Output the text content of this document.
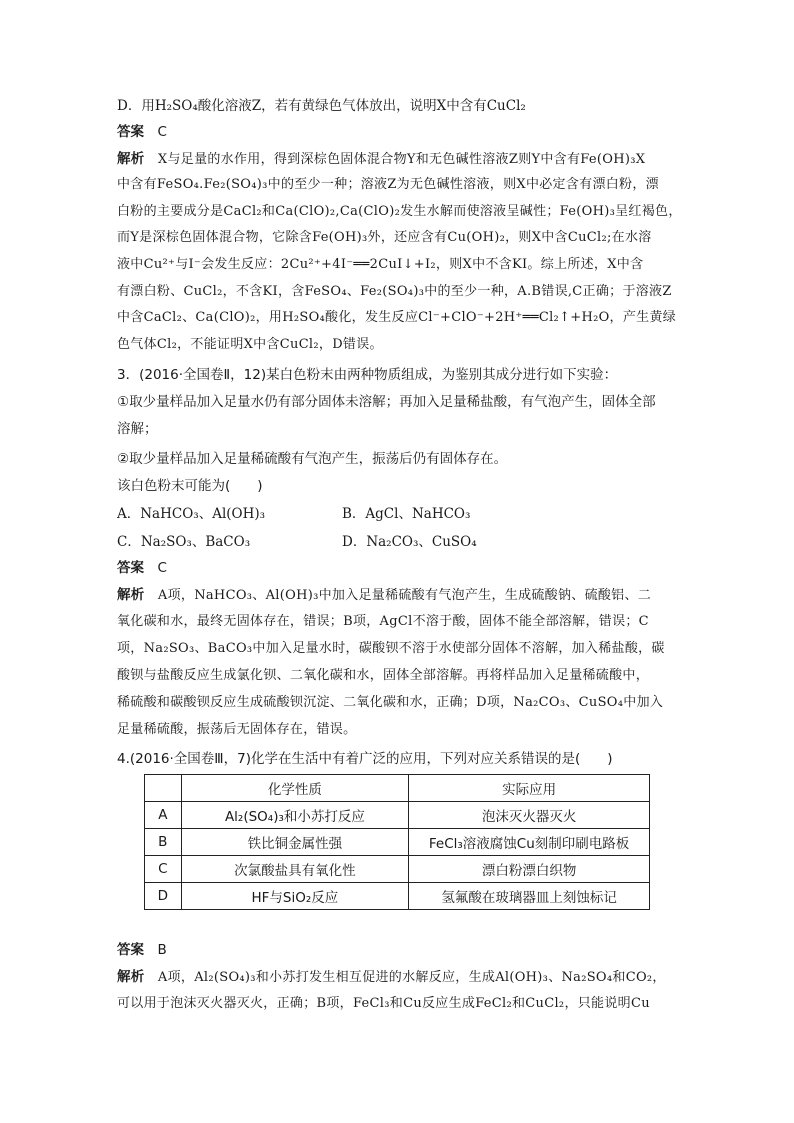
D．用H₂SO₄酸化溶液Z，若有黄绿色气体放出，说明X中含有CuCl₂
答案　 C
解析　 X与足量的水作用，得到深棕色固体混合物Y和无色碱性溶液Z则Y中含有Fe(OH)₃X
中含有FeSO₄.Fe₂(SO₄)₃中的至少一种；溶液Z为无色碱性溶液，则X中必定含有漂白粉，漂
白粉的主要成分是CaCl₂和Ca(ClO)₂,Ca(ClO)₂发生水解而使溶液呈碱性；Fe(OH)₃呈红褐色，
而Y是深棕色固体混合物，它除含Fe(OH)₃外，还应含有Cu(OH)₂，则X中含CuCl₂;在水溶
液中Cu²⁺与I⁻会发生反应：2Cu²⁺+4I⁻══2CuI↓+I₂，则X中不含KI。综上所述，X中含
有漂白粉、CuCl₂，不含KI，含FeSO₄、Fe₂(SO₄)₃中的至少一种，A.B错误,C正确；于溶液Z
中含CaCl₂、Ca(ClO)₂，用H₂SO₄酸化，发生反应Cl⁻+ClO⁻+2H⁺══Cl₂↑+H₂O，产生黄绿
色气体Cl₂，不能证明X中含CuCl₂，D错误。
3．(2016·全国卷Ⅱ，12)某白色粉末由两种物质组成，为鉴别其成分进行如下实验：
①取少量样品加入足量水仍有部分固体未溶解；再加入足量稀盐酸，有气泡产生，固体全部
溶解；
②取少量样品加入足量稀硫酸有气泡产生，振荡后仍有固体存在。
该白色粉末可能为(　　)
A．NaHCO₃、Al(OH)₃	B．AgCl、NaHCO₃
C．Na₂SO₃、BaCO₃	D．Na₂CO₃、CuSO₄
答案　 C
解析　 A项，NaHCO₃、Al(OH)₃中加入足量稀硫酸有气泡产生，生成硫酸钠、硫酸铝、二
氧化碳和水，最终无固体存在，错误；B项，AgCl不溶于酸，固体不能全部溶解，错误；C
项，Na₂SO₃、BaCO₃中加入足量水时，碳酸钡不溶于水使部分固体不溶解，加入稀盐酸，碳
酸钡与盐酸反应生成氯化钡、二氧化碳和水，固体全部溶解。再将样品加入足量稀硫酸中，
稀硫酸和碳酸钡反应生成硫酸钡沉淀、二氧化碳和水，正确；D项，Na₂CO₃、CuSO₄中加入
足量稀硫酸，振荡后无固体存在，错误。
4.(2016·全国卷Ⅲ，7)化学在生活中有着广泛的应用，下列对应关系错误的是(　　)
	化学性质	实际应用
A	Al₂(SO₄)₃和小苏打反应	泡沫灭火器灭火
B	铁比铜金属性强	FeCl₃溶液腐蚀Cu刻制印刷电路板
C	次氯酸盐具有氧化性	漂白粉漂白织物
D	HF与SiO₂反应	氢氟酸在玻璃器皿上刻蚀标记
答案　 B
解析　 A项，Al₂(SO₄)₃和小苏打发生相互促进的水解反应，生成Al(OH)₃、Na₂SO₄和CO₂，
可以用于泡沫灭火器灭火，正确；B项，FeCl₃和Cu反应生成FeCl₂和CuCl₂，只能说明Cu
